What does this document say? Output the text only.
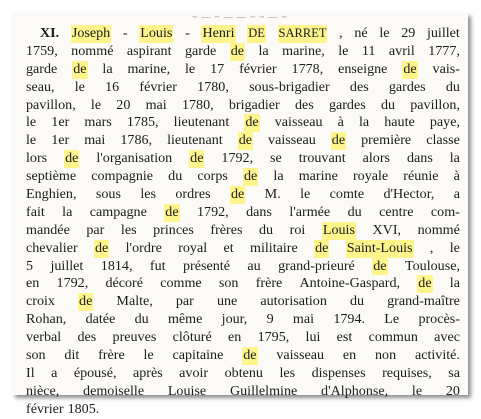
~ — ~ — — ~ ~ — ~
XI. Joseph - Louis - Henri DE SARRET , né le 29 juillet
1759, nommé aspirant garde de la marine, le 11 avril 1777,
garde de la marine, le 17 février 1778, enseigne de vais-
seau, le 16 février 1780, sous-brigadier des gardes du
pavillon, le 20 mai 1780, brigadier des gardes du pavillon,
le 1er mars 1785, lieutenant de vaisseau à la haute paye,
le 1er mai 1786, lieutenant de vaisseau de première classe
lors de l'organisation de 1792, se trouvant alors dans la
septième compagnie du corps de la marine royale réunie à
Enghien, sous les ordres de M. le comte d'Hector, a
fait la campagne de 1792, dans l'armée du centre com-
mandée par les princes frères du roi Louis XVI, nommé
chevalier de l'ordre royal et militaire de Saint-Louis , le
5 juillet 1814, fut présenté au grand-prieuré de Toulouse,
en 1792, décoré comme son frère Antoine-Gaspard, de la
croix de Malte, par une autorisation du grand-maître
Rohan, datée du même jour, 9 mai 1794. Le procès-
verbal des preuves clôturé en 1795, lui est commun avec
son dit frère le capitaine de vaisseau en non activité.
Il a épousé, après avoir obtenu les dispenses requises, sa
nièce, demoiselle Louise Guillelmine d'Alphonse, le 20
février 1805.
